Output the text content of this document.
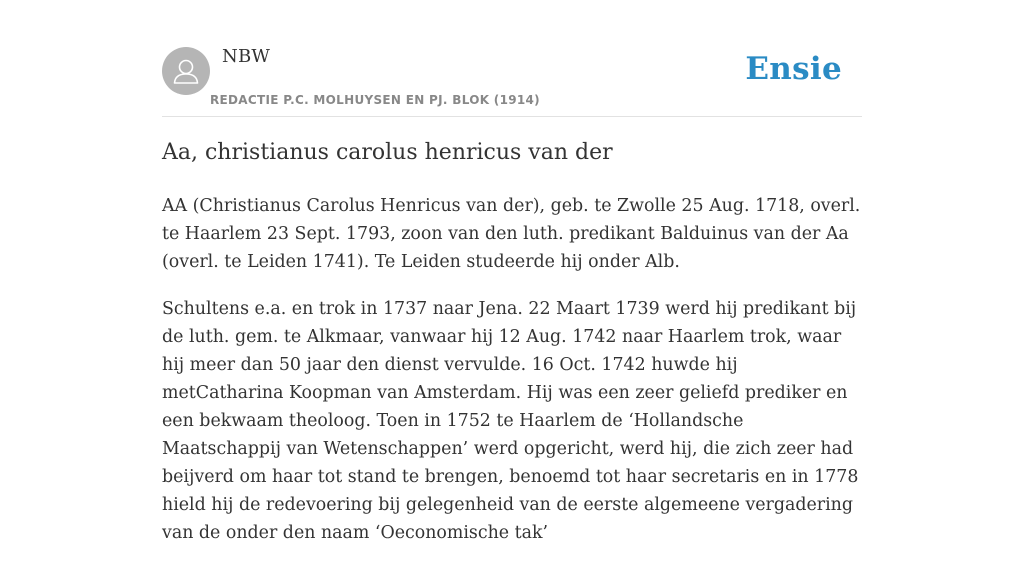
NBW
REDACTIE P.C. MOLHUYSEN EN PJ. BLOK (1914)
Ensie
Aa, christianus carolus henricus van der

AA (Christianus Carolus Henricus van der), geb. te Zwolle 25 Aug. 1718, overl. te Haarlem 23 Sept. 1793, zoon van den luth. predikant Balduinus van der Aa (overl. te Leiden 1741). Te Leiden studeerde hij onder Alb.

Schultens e.a. en trok in 1737 naar Jena. 22 Maart 1739 werd hij predikant bij de luth. gem. te Alkmaar, vanwaar hij 12 Aug. 1742 naar Haarlem trok, waar hij meer dan 50 jaar den dienst vervulde. 16 Oct. 1742 huwde hij metCatharina Koopman van Amsterdam. Hij was een zeer geliefd prediker en een bekwaam theoloog. Toen in 1752 te Haarlem de ‘Hollandsche Maatschappij van Wetenschappen’ werd opgericht, werd hij, die zich zeer had beijverd om haar tot stand te brengen, benoemd tot haar secretaris en in 1778 hield hij de redevoering bij gelegenheid van de eerste algemeene vergadering van de onder den naam ‘Oeconomische tak’
